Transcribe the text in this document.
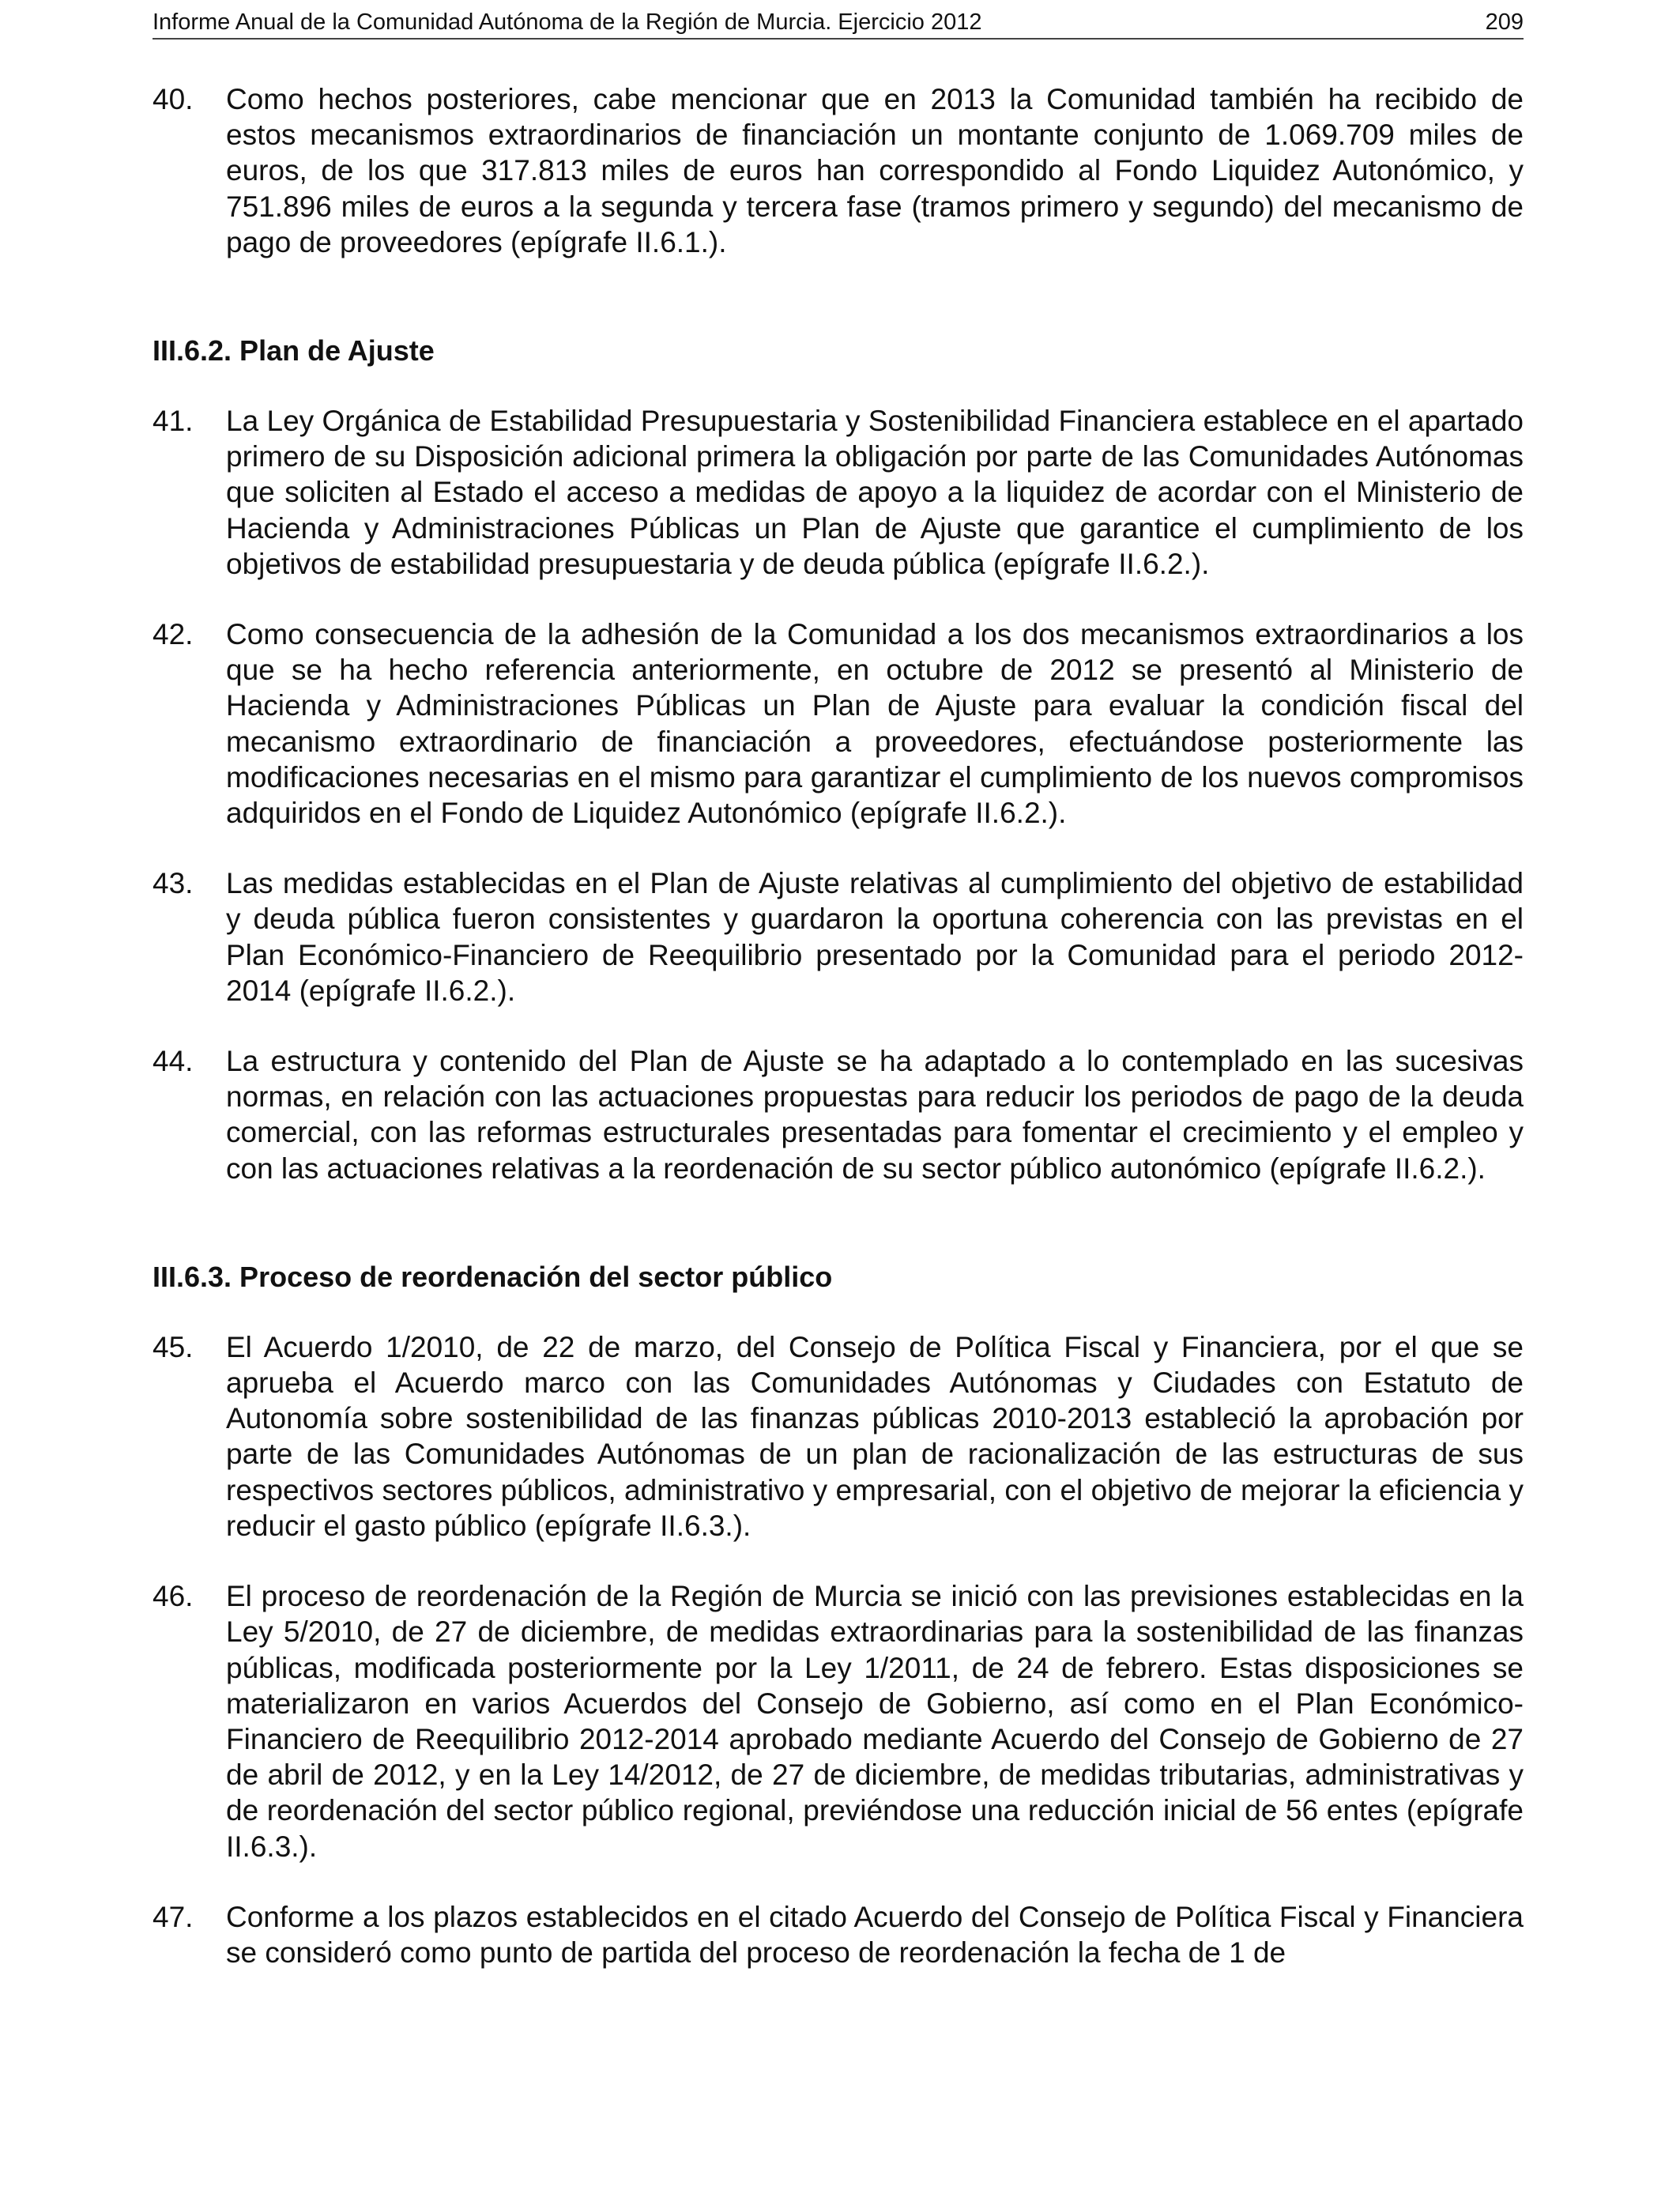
Informe Anual de la Comunidad Autónoma de la Región de Murcia. Ejercicio 2012	209
40. Como hechos posteriores, cabe mencionar que en 2013 la Comunidad también ha recibido de estos mecanismos extraordinarios de financiación un montante conjunto de 1.069.709 miles de euros, de los que 317.813 miles de euros han correspondido al Fondo Liquidez Autonómico, y 751.896 miles de euros a la segunda y tercera fase (tramos primero y segundo) del mecanismo de pago de proveedores (epígrafe II.6.1.).
III.6.2. Plan de Ajuste
41. La Ley Orgánica de Estabilidad Presupuestaria y Sostenibilidad Financiera establece en el apartado primero de su Disposición adicional primera la obligación por parte de las Comunidades Autónomas que soliciten al Estado el acceso a medidas de apoyo a la liquidez de acordar con el Ministerio de Hacienda y Administraciones Públicas un Plan de Ajuste que garantice el cumplimiento de los objetivos de estabilidad presupuestaria y de deuda pública (epígrafe II.6.2.).
42. Como consecuencia de la adhesión de la Comunidad a los dos mecanismos extraordinarios a los que se ha hecho referencia anteriormente, en octubre de 2012 se presentó al Ministerio de Hacienda y Administraciones Públicas un Plan de Ajuste para evaluar la condición fiscal del mecanismo extraordinario de financiación a proveedores, efectuándose posteriormente las modificaciones necesarias en el mismo para garantizar el cumplimiento de los nuevos compromisos adquiridos en el Fondo de Liquidez Autonómico (epígrafe II.6.2.).
43. Las medidas establecidas en el Plan de Ajuste relativas al cumplimiento del objetivo de estabilidad y deuda pública fueron consistentes y guardaron la oportuna coherencia con las previstas en el Plan Económico-Financiero de Reequilibrio presentado por la Comunidad para el periodo 2012-2014 (epígrafe II.6.2.).
44. La estructura y contenido del Plan de Ajuste se ha adaptado a lo contemplado en las sucesivas normas, en relación con las actuaciones propuestas para reducir los periodos de pago de la deuda comercial, con las reformas estructurales presentadas para fomentar el crecimiento y el empleo y con las actuaciones relativas a la reordenación de su sector público autonómico (epígrafe II.6.2.).
III.6.3. Proceso de reordenación del sector público
45. El Acuerdo 1/2010, de 22 de marzo, del Consejo de Política Fiscal y Financiera, por el que se aprueba el Acuerdo marco con las Comunidades Autónomas y Ciudades con Estatuto de Autonomía sobre sostenibilidad de las finanzas públicas 2010-2013 estableció la aprobación por parte de las Comunidades Autónomas de un plan de racionalización de las estructuras de sus respectivos sectores públicos, administrativo y empresarial, con el objetivo de mejorar la eficiencia y reducir el gasto público (epígrafe II.6.3.).
46. El proceso de reordenación de la Región de Murcia se inició con las previsiones establecidas en la Ley 5/2010, de 27 de diciembre, de medidas extraordinarias para la sostenibilidad de las finanzas públicas, modificada posteriormente por la Ley 1/2011, de 24 de febrero. Estas disposiciones se materializaron en varios Acuerdos del Consejo de Gobierno, así como en el Plan Económico-Financiero de Reequilibrio 2012-2014 aprobado mediante Acuerdo del Consejo de Gobierno de 27 de abril de 2012, y en la Ley 14/2012, de 27 de diciembre, de medidas tributarias, administrativas y de reordenación del sector público regional, previéndose una reducción inicial de 56 entes (epígrafe II.6.3.).
47. Conforme a los plazos establecidos en el citado Acuerdo del Consejo de Política Fiscal y Financiera se consideró como punto de partida del proceso de reordenación la fecha de 1 de
